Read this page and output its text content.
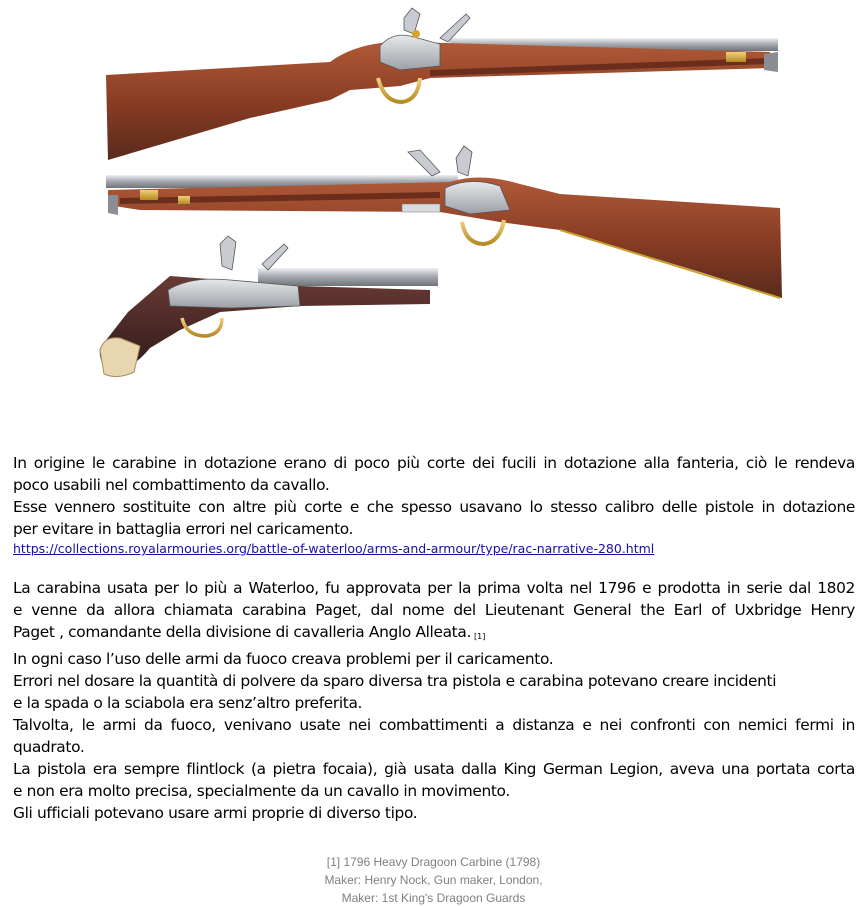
In origine le carabine in dotazione erano di poco più corte dei fucili in dotazione alla fanteria, ciò le rendeva
poco usabili nel combattimento da cavallo.
Esse vennero sostituite con altre più corte e che spesso usavano lo stesso calibro delle pistole in dotazione
per evitare in battaglia errori nel caricamento.
https://collections.royalarmouries.org/battle-of-waterloo/arms-and-armour/type/rac-narrative-280.html
La carabina usata per lo più a Waterloo, fu approvata per la prima volta nel 1796 e prodotta in serie dal 1802
e venne da allora chiamata carabina Paget, dal nome del Lieutenant General the Earl of Uxbridge Henry
Paget , comandante della divisione di cavalleria Anglo Alleata. $_{[1]}$
In ogni caso l’uso delle armi da fuoco creava problemi per il caricamento.
Errori nel dosare la quantità di polvere da sparo diversa tra pistola e carabina potevano creare incidenti
e la spada o la sciabola era senz’altro preferita.
Talvolta, le armi da fuoco, venivano usate nei combattimenti a distanza e nei confronti con nemici fermi in
quadrato.
La pistola era sempre flintlock (a pietra focaia), già usata dalla King German Legion, aveva una portata corta
e non era molto precisa, specialmente da un cavallo in movimento.
Gli ufficiali potevano usare armi proprie di diverso tipo.
[1] 1796 Heavy Dragoon Carbine (1798)
Maker: Henry Nock, Gun maker, London,
Maker: 1st King's Dragoon Guards
